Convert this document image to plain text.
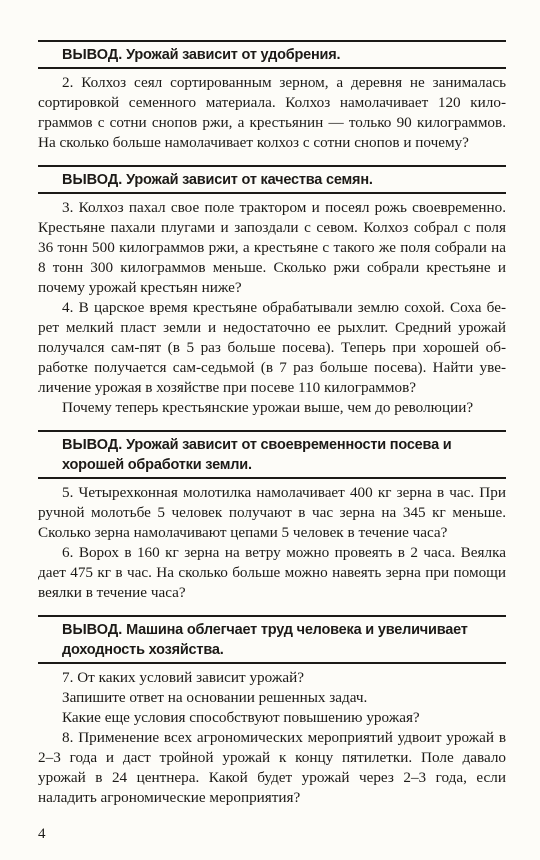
ВЫВОД. Урожай зависит от удобрения.

2. Колхоз сеял сортированным зерном, а деревня не занималась сортировкой семенного материала. Колхоз намолачивает 120 килограммов с сотни снопов ржи, а крестьянин — только 90 килограммов. На сколько больше намолачивает колхоз с сотни снопов и почему?

ВЫВОД. Урожай зависит от качества семян.

3. Колхоз пахал свое поле трактором и посеял рожь своевременно. Крестьяне пахали плугами и запоздали с севом. Колхоз собрал с поля 36 тонн 500 килограммов ржи, а крестьяне с такого же поля собрали на 8 тонн 300 килограммов меньше. Сколько ржи собрали крестьяне и почему урожай крестьян ниже?

4. В царское время крестьяне обрабатывали землю сохой. Соха берет мелкий пласт земли и недостаточно ее рыхлит. Средний урожай получался сам-пят (в 5 раз больше посева). Теперь при хорошей обработке получается сам-седьмой (в 7 раз больше посева). Найти увеличение урожая в хозяйстве при посеве 110 килограммов?

Почему теперь крестьянские урожаи выше, чем до революции?

ВЫВОД. Урожай зависит от своевременности посева и хорошей обработки земли.

5. Четырехконная молотилка намолачивает 400 кг зерна в час. При ручной молотьбе 5 человек получают в час зерна на 345 кг меньше. Сколько зерна намолачивают цепами 5 человек в течение часа?

6. Ворох в 160 кг зерна на ветру можно провеять в 2 часа. Веялка дает 475 кг в час. На сколько больше можно навеять зерна при помощи веялки в течение часа?

ВЫВОД. Машина облегчает труд человека и увеличивает доходность хозяйства.

7. От каких условий зависит урожай?

Запишите ответ на основании решенных задач.

Какие еще условия способствуют повышению урожая?

8. Применение всех агрономических мероприятий удвоит урожай в 2–3 года и даст тройной урожай к концу пятилетки. Поле давало урожай в 24 центнера. Какой будет урожай через 2–3 года, если наладить агрономические мероприятия?

4
